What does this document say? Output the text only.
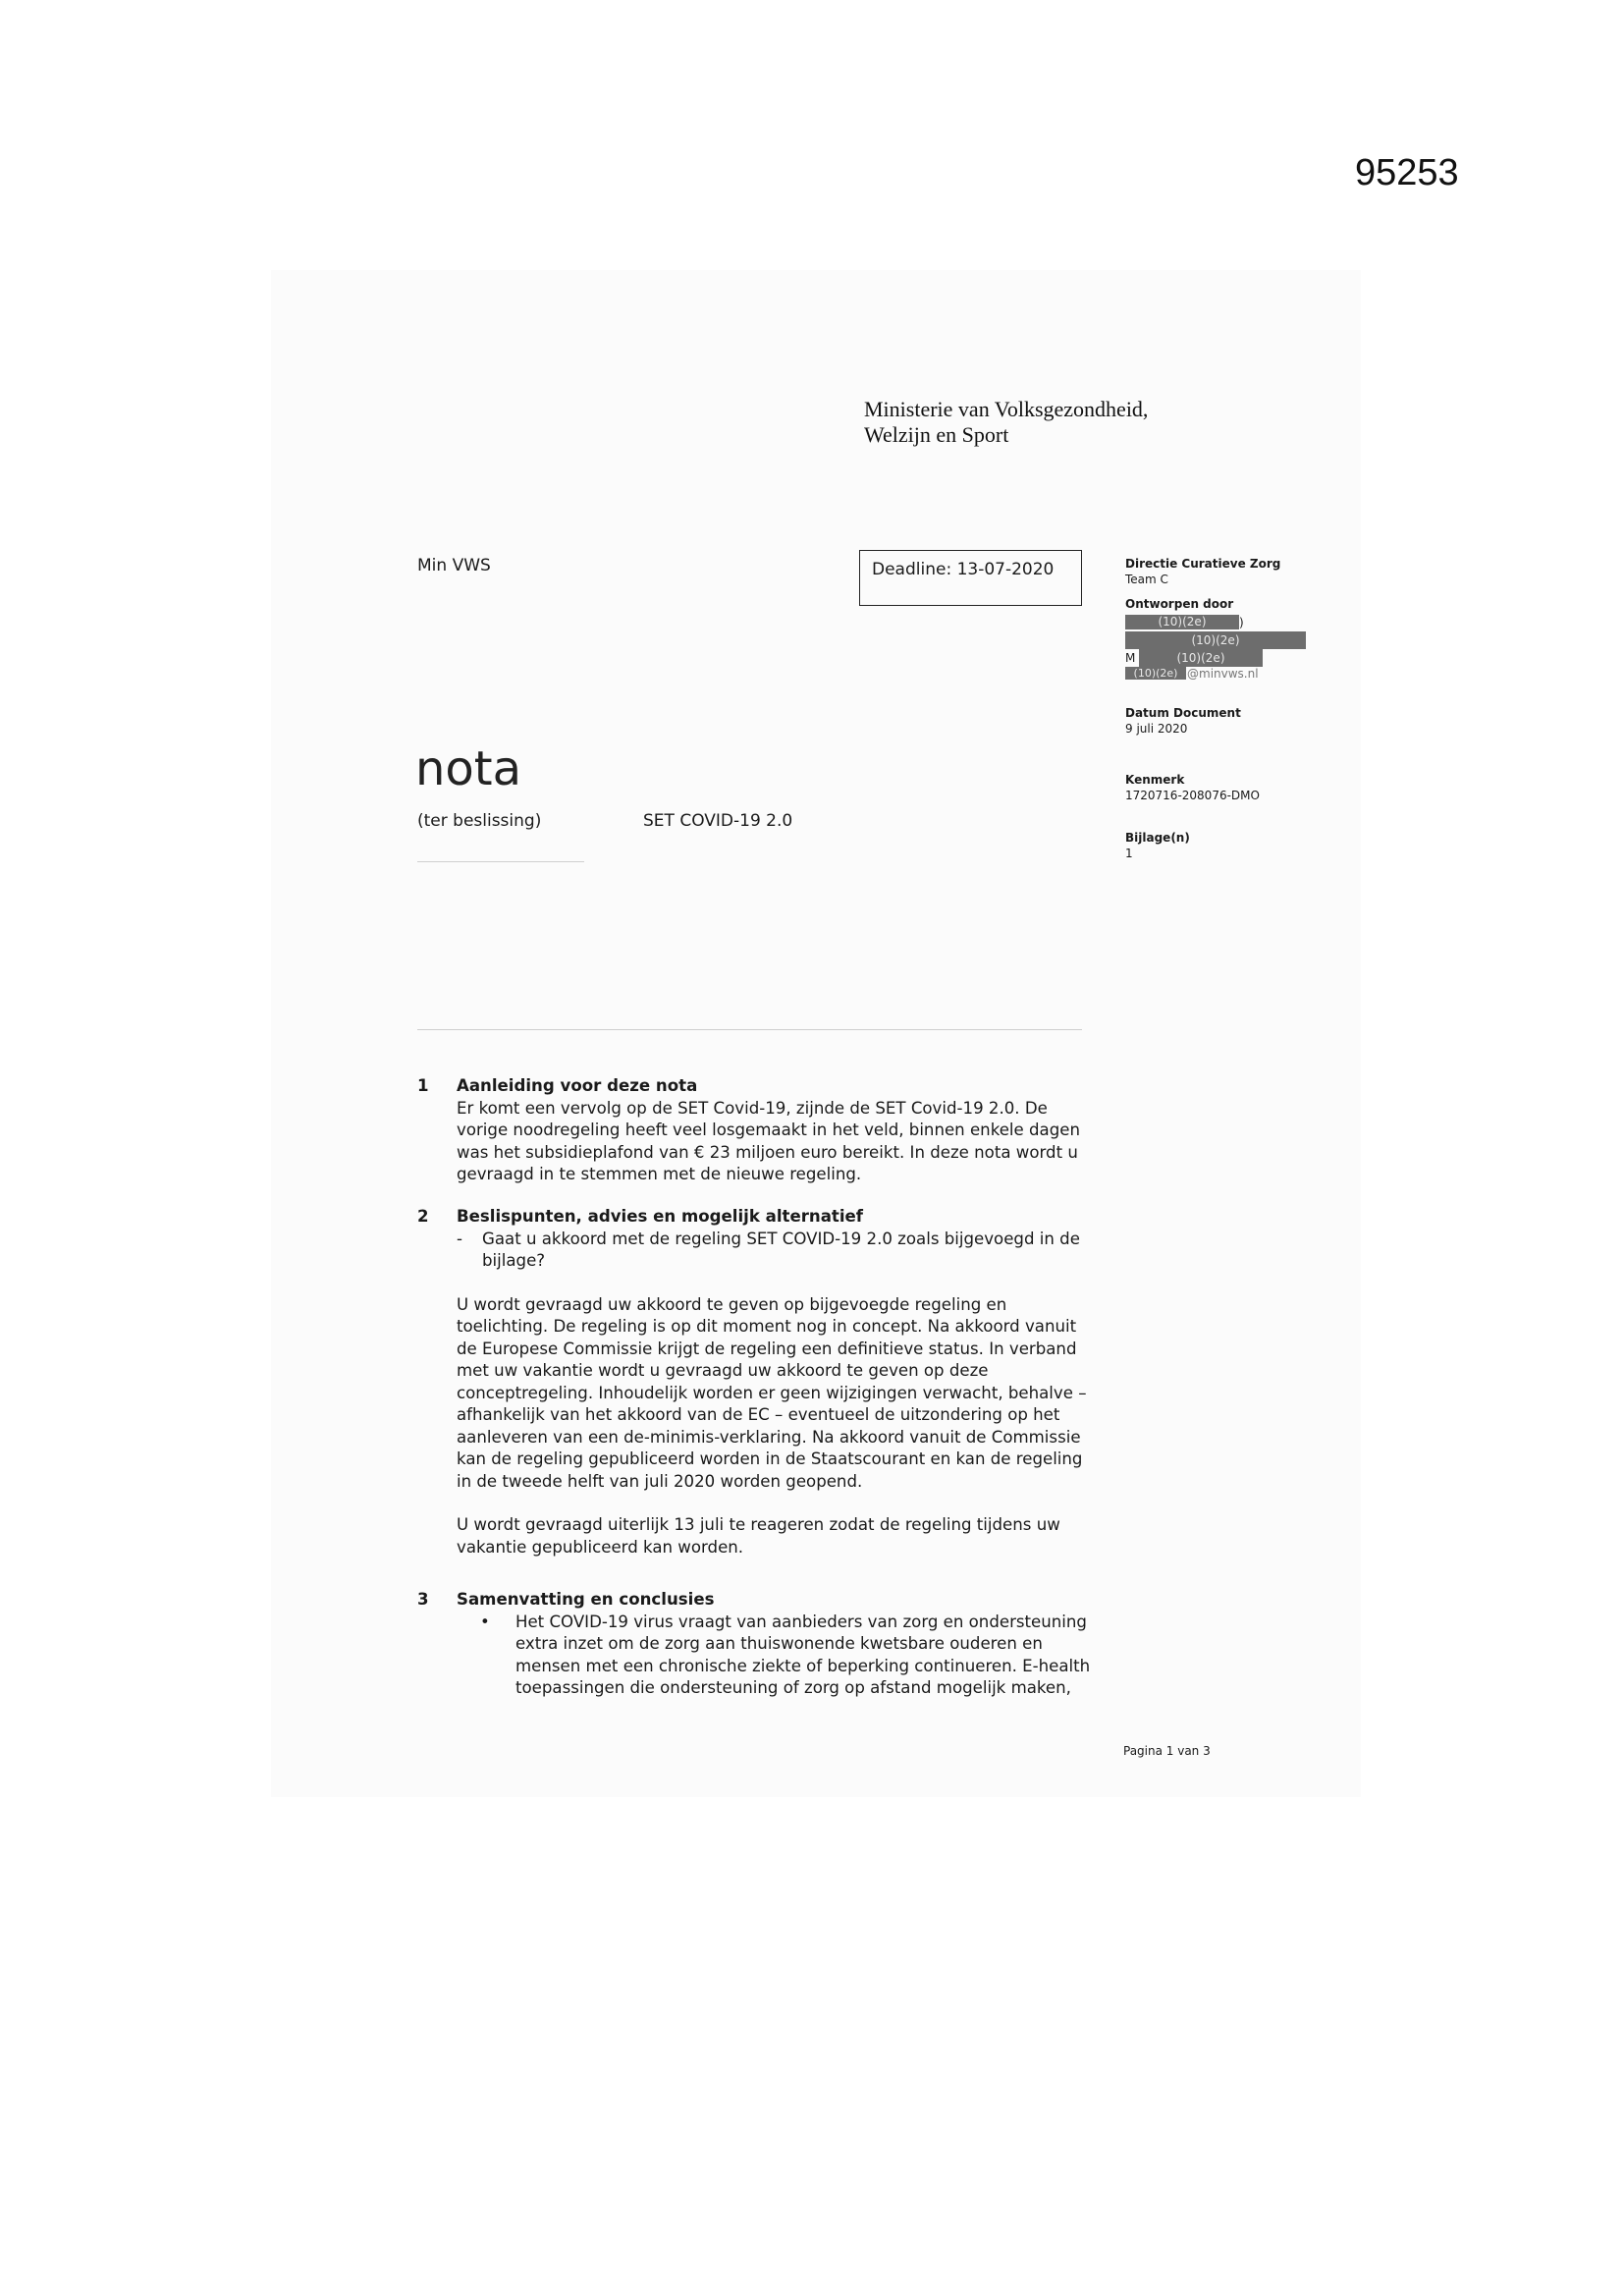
95253
Ministerie van Volksgezondheid,
Welzijn en Sport
Min VWS	Deadline: 13-07-2020	Directie Curatieve Zorg
Team C
Ontworpen door
(10)(2e)	)
(10)(2e)
M	(10)(2e)
(10)(2e) @minvws.nl
Datum Document
9 juli 2020
Kenmerk
1720716-208076-DMO
Bijlage(n)
1
nota
(ter beslissing)	SET COVID-19 2.0
1 Aanleiding voor deze nota

Er komt een vervolg op de SET Covid-19, zijnde de SET Covid-19 2.0. De

vorige noodregeling heeft veel losgemaakt in het veld, binnen enkele dagen

was het subsidieplafond van € 23 miljoen euro bereikt. In deze nota wordt u

gevraagd in te stemmen met de nieuwe regeling.

2 Beslispunten, advies en mogelijk alternatief
- Gaat u akkoord met de regeling SET COVID-19 2.0 zoals bijgevoegd in de

bijlage?

U wordt gevraagd uw akkoord te geven op bijgevoegde regeling en

toelichting. De regeling is op dit moment nog in concept. Na akkoord vanuit

de Europese Commissie krijgt de regeling een definitieve status. In verband

met uw vakantie wordt u gevraagd uw akkoord te geven op deze

conceptregeling. Inhoudelijk worden er geen wijzigingen verwacht, behalve –

afhankelijk van het akkoord van de EC – eventueel de uitzondering op het

aanleveren van een de-minimis-verklaring. Na akkoord vanuit de Commissie

kan de regeling gepubliceerd worden in de Staatscourant en kan de regeling

in de tweede helft van juli 2020 worden geopend.

U wordt gevraagd uiterlijk 13 juli te reageren zodat de regeling tijdens uw

vakantie gepubliceerd kan worden.

3 Samenvatting en conclusies
• Het COVID-19 virus vraagt van aanbieders van zorg en ondersteuning

extra inzet om de zorg aan thuiswonende kwetsbare ouderen en

mensen met een chronische ziekte of beperking continueren. E-health

toepassingen die ondersteuning of zorg op afstand mogelijk maken,

Pagina 1 van 3
